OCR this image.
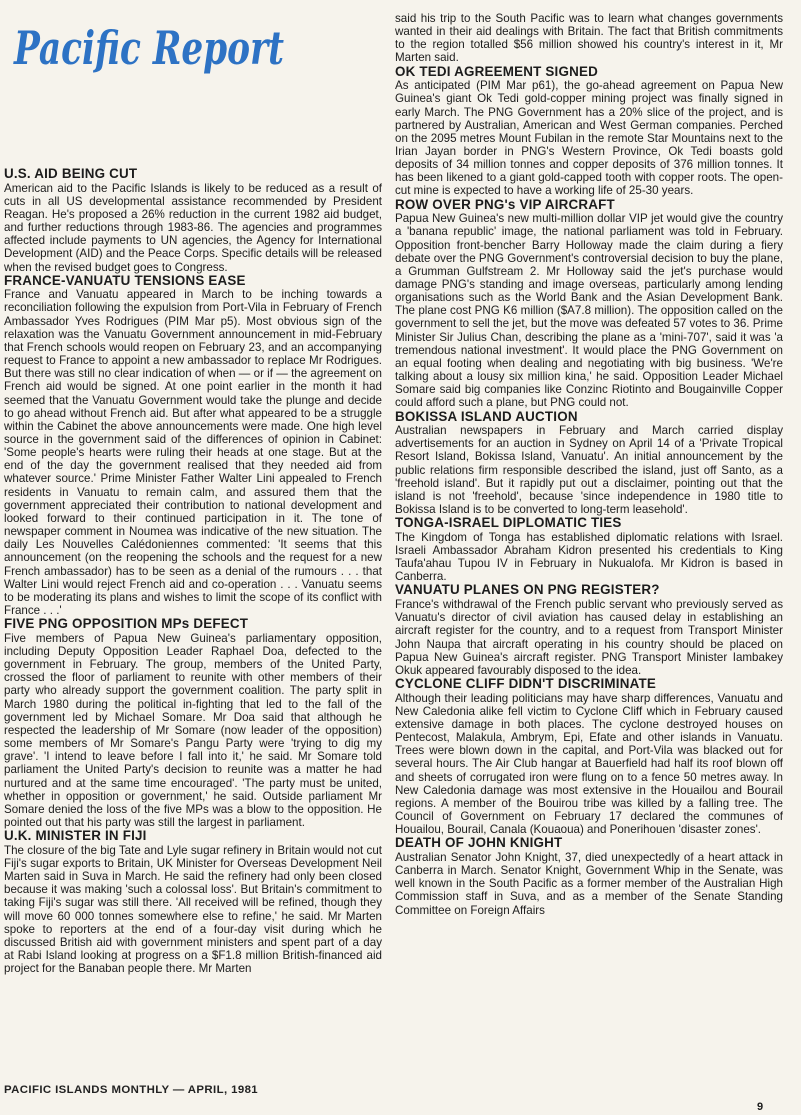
Pacific Report
U.S. AID BEING CUT

American aid to the Pacific Islands is likely to be reduced as a result of cuts in all US developmental assistance recommended by President Reagan. He's proposed a 26% reduction in the current 1982 aid budget, and further reductions through 1983-86. The agencies and programmes affected include payments to UN agencies, the Agency for International Development (AID) and the Peace Corps. Specific details will be released when the revised budget goes to Congress.

FRANCE-VANUATU TENSIONS EASE

France and Vanuatu appeared in March to be inching towards a reconciliation following the expulsion from Port-Vila in February of French Ambassador Yves Rodrigues (PIM Mar p5). Most obvious sign of the relaxation was the Vanuatu Government announcement in mid-February that French schools would reopen on February 23, and an accompanying request to France to appoint a new ambassador to replace Mr Rodrigues. But there was still no clear indication of when — or if — the agreement on French aid would be signed. At one point earlier in the month it had seemed that the Vanuatu Government would take the plunge and decide to go ahead without French aid. But after what appeared to be a struggle within the Cabinet the above announcements were made. One high level source in the government said of the differences of opinion in Cabinet: 'Some people's hearts were ruling their heads at one stage. But at the end of the day the government realised that they needed aid from whatever source.' Prime Minister Father Walter Lini appealed to French residents in Vanuatu to remain calm, and assured them that the government appreciated their contribution to national development and looked forward to their continued participation in it. The tone of newspaper comment in Noumea was indicative of the new situation. The daily Les Nouvelles Calédoniennes commented: 'It seems that this announcement (on the reopening the schools and the request for a new French ambassador) has to be seen as a denial of the rumours . . . that Walter Lini would reject French aid and co-operation . . . Vanuatu seems to be moderating its plans and wishes to limit the scope of its conflict with France . . .'

FIVE PNG OPPOSITION MPs DEFECT

Five members of Papua New Guinea's parliamentary opposition, including Deputy Opposition Leader Raphael Doa, defected to the government in February. The group, members of the United Party, crossed the floor of parliament to reunite with other members of their party who already support the government coalition. The party split in March 1980 during the political in-fighting that led to the fall of the government led by Michael Somare. Mr Doa said that although he respected the leadership of Mr Somare (now leader of the opposition) some members of Mr Somare's Pangu Party were 'trying to dig my grave'. 'I intend to leave before I fall into it,' he said. Mr Somare told parliament the United Party's decision to reunite was a matter he had nurtured and at the same time encouraged'. 'The party must be united, whether in opposition or government,' he said. Outside parliament Mr Somare denied the loss of the five MPs was a blow to the opposition. He pointed out that his party was still the largest in parliament.

U.K. MINISTER IN FIJI

The closure of the big Tate and Lyle sugar refinery in Britain would not cut Fiji's sugar exports to Britain, UK Minister for Overseas Development Neil Marten said in Suva in March. He said the refinery had only been closed because it was making 'such a colossal loss'. But Britain's commitment to taking Fiji's sugar was still there. 'All received will be refined, though they will move 60 000 tonnes somewhere else to refine,' he said. Mr Marten spoke to reporters at the end of a four-day visit during which he discussed British aid with government ministers and spent part of a day at Rabi Island looking at progress on a $F1.8 million British-financed aid project for the Banaban people there. Mr Marten

said his trip to the South Pacific was to learn what changes governments wanted in their aid dealings with Britain. The fact that British commitments to the region totalled $56 million showed his country's interest in it, Mr Marten said.

OK TEDI AGREEMENT SIGNED

As anticipated (PIM Mar p61), the go-ahead agreement on Papua New Guinea's giant Ok Tedi gold-copper mining project was finally signed in early March. The PNG Government has a 20% slice of the project, and is partnered by Australian, American and West German companies. Perched on the 2095 metres Mount Fubilan in the remote Star Mountains next to the Irian Jayan border in PNG's Western Province, Ok Tedi boasts gold deposits of 34 million tonnes and copper deposits of 376 million tonnes. It has been likened to a giant gold-capped tooth with copper roots. The open-cut mine is expected to have a working life of 25-30 years.

ROW OVER PNG's VIP AIRCRAFT

Papua New Guinea's new multi-million dollar VIP jet would give the country a 'banana republic' image, the national parliament was told in February. Opposition front-bencher Barry Holloway made the claim during a fiery debate over the PNG Government's controversial decision to buy the plane, a Grumman Gulfstream 2. Mr Holloway said the jet's purchase would damage PNG's standing and image overseas, particularly among lending organisations such as the World Bank and the Asian Development Bank. The plane cost PNG K6 million ($A7.8 million). The opposition called on the government to sell the jet, but the move was defeated 57 votes to 36. Prime Minister Sir Julius Chan, describing the plane as a 'mini-707', said it was 'a tremendous national investment'. It would place the PNG Government on an equal footing when dealing and negotiating with big business. 'We're talking about a lousy six million kina,' he said. Opposition Leader Michael Somare said big companies like Conzinc Riotinto and Bougainville Copper could afford such a plane, but PNG could not.

BOKISSA ISLAND AUCTION

Australian newspapers in February and March carried display advertisements for an auction in Sydney on April 14 of a 'Private Tropical Resort Island, Bokissa Island, Vanuatu'. An initial announcement by the public relations firm responsible described the island, just off Santo, as a 'freehold island'. But it rapidly put out a disclaimer, pointing out that the island is not 'freehold', because 'since independence in 1980 title to Bokissa Island is to be converted to long-term leasehold'.

TONGA-ISRAEL DIPLOMATIC TIES

The Kingdom of Tonga has established diplomatic relations with Israel. Israeli Ambassador Abraham Kidron presented his credentials to King Taufa'ahau Tupou IV in February in Nukualofa. Mr Kidron is based in Canberra.

VANUATU PLANES ON PNG REGISTER?

France's withdrawal of the French public servant who previously served as Vanuatu's director of civil aviation has caused delay in establishing an aircraft register for the country, and to a request from Transport Minister John Naupa that aircraft operating in his country should be placed on Papua New Guinea's aircraft register. PNG Transport Minister Iambakey Okuk appeared favourably disposed to the idea.

CYCLONE CLIFF DIDN'T DISCRIMINATE

Although their leading politicians may have sharp differences, Vanuatu and New Caledonia alike fell victim to Cyclone Cliff which in February caused extensive damage in both places. The cyclone destroyed houses on Pentecost, Malakula, Ambrym, Epi, Efate and other islands in Vanuatu. Trees were blown down in the capital, and Port-Vila was blacked out for several hours. The Air Club hangar at Bauerfield had half its roof blown off and sheets of corrugated iron were flung on to a fence 50 metres away. In New Caledonia damage was most extensive in the Houailou and Bourail regions. A member of the Bouirou tribe was killed by a falling tree. The Council of Government on February 17 declared the communes of Houailou, Bourail, Canala (Kouaoua) and Ponerihouen 'disaster zones'.

DEATH OF JOHN KNIGHT

Australian Senator John Knight, 37, died unexpectedly of a heart attack in Canberra in March. Senator Knight, Government Whip in the Senate, was well known in the South Pacific as a former member of the Australian High Commission staff in Suva, and as a member of the Senate Standing Committee on Foreign Affairs

PACIFIC ISLANDS MONTHLY — APRIL, 1981
9
